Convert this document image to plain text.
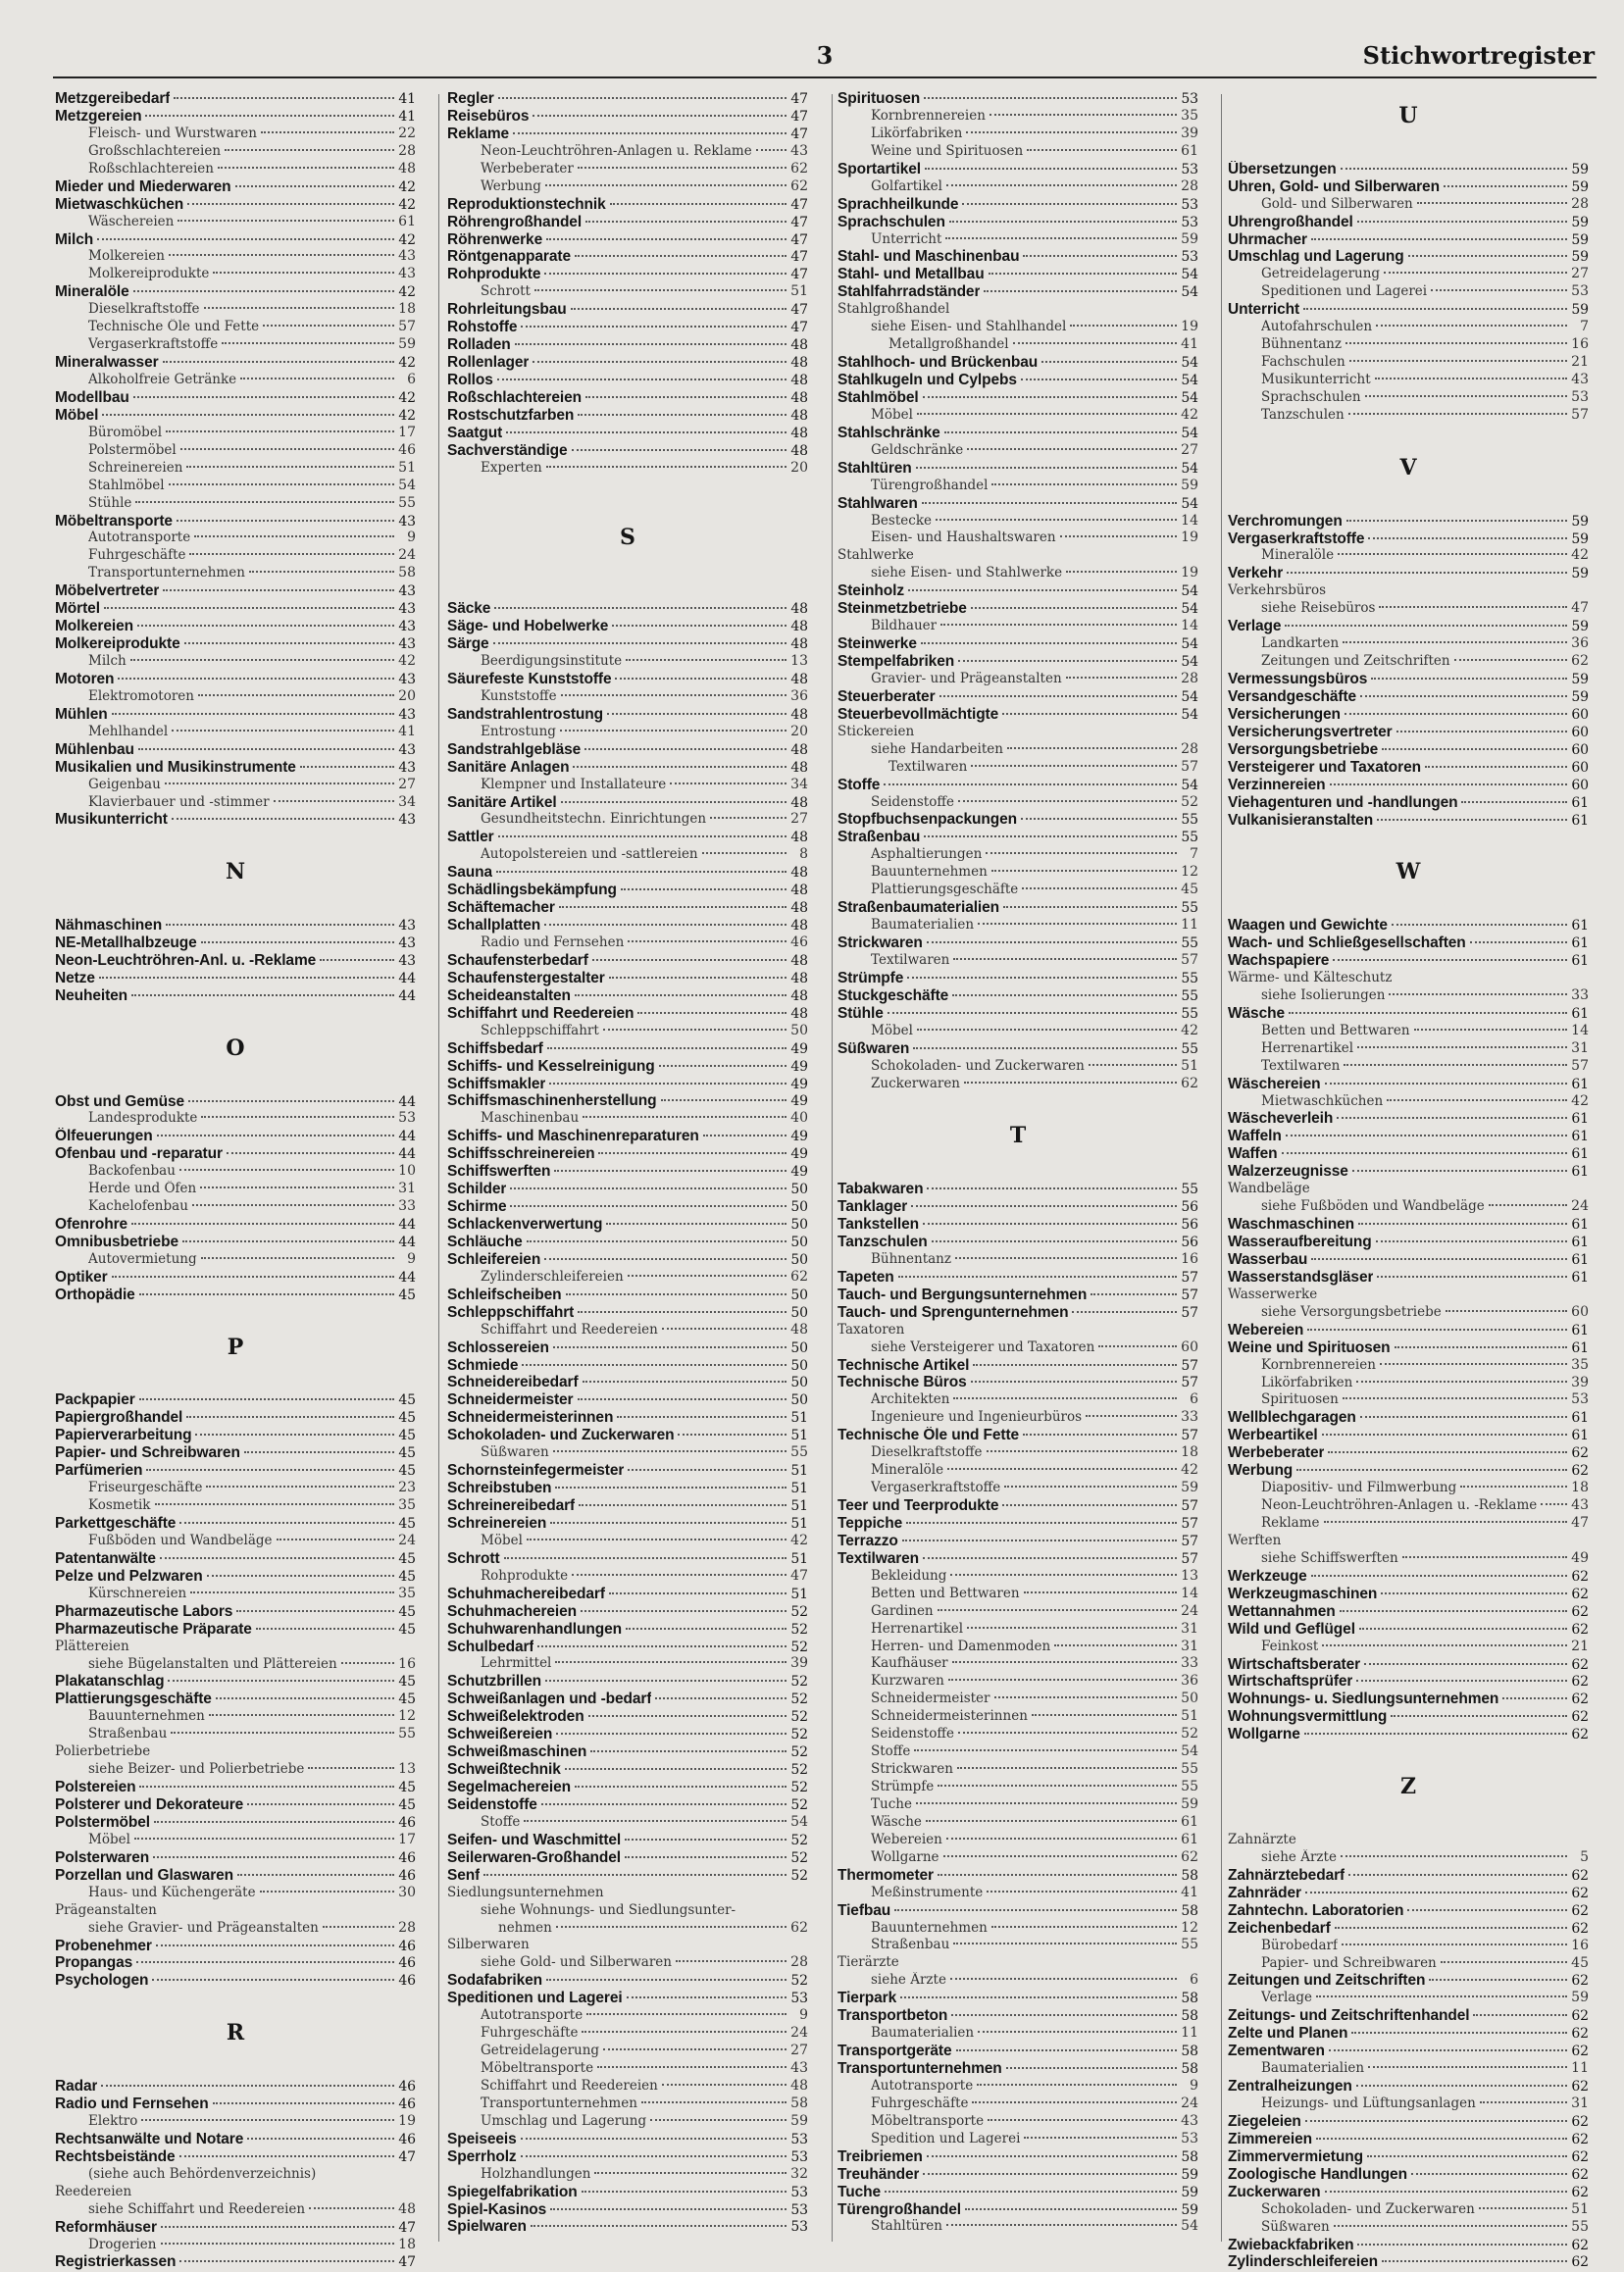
3	Stichwortregister
Metzgereibedarf	41
Metzgereien	41
Fleisch- und Wurstwaren	22
Großschlachtereien	28
Roßschlachtereien	48
Mieder und Miederwaren	42
Mietwaschküchen	42
Wäschereien	61
Milch	42
Molkereien	43
Molkereiprodukte	43
Mineralöle	42
Dieselkraftstoffe	18
Technische Öle und Fette	57
Vergaserkraftstoffe	59
Mineralwasser	42
Alkoholfreie Getränke	6
Modellbau	42
Möbel	42
Büromöbel	17
Polstermöbel	46
Schreinereien	51
Stahlmöbel	54
Stühle	55
Möbeltransporte	43
Autotransporte	9
Fuhrgeschäfte	24
Transportunternehmen	58
Möbelvertreter	43
Mörtel	43
Molkereien	43
Molkereiprodukte	43
Milch	42
Motoren	43
Elektromotoren	20
Mühlen	43
Mehlhandel	41
Mühlenbau	43
Musikalien und Musikinstrumente	43
Geigenbau	27
Klavierbauer und -stimmer	34
Musikunterricht	43
N
Nähmaschinen	43
NE-Metallhalbzeuge	43
Neon-Leuchtröhren-Anl. u. -Reklame	43
Netze	44
Neuheiten	44
O
Obst und Gemüse	44
Landesprodukte	53
Ölfeuerungen	44
Ofenbau und -reparatur	44
Backofenbau	10
Herde und Öfen	31
Kachelofenbau	33
Ofenrohre	44
Omnibusbetriebe	44
Autovermietung	9
Optiker	44
Orthopädie	45
P
Packpapier	45
Papiergroßhandel	45
Papierverarbeitung	45
Papier- und Schreibwaren	45
Parfümerien	45
Friseurgeschäfte	23
Kosmetik	35
Parkettgeschäfte	45
Fußböden und Wandbeläge	24
Patentanwälte	45
Pelze und Pelzwaren	45
Kürschnereien	35
Pharmazeutische Labors	45
Pharmazeutische Präparate	45
Plättereien
siehe Bügelanstalten und Plättereien	16
Plakatanschlag	45
Plattierungsgeschäfte	45
Bauunternehmen	12
Straßenbau	55
Polierbetriebe
siehe Beizer- und Polierbetriebe	13
Polstereien	45
Polsterer und Dekorateure	45
Polstermöbel	46
Möbel	17
Polsterwaren	46
Porzellan und Glaswaren	46
Haus- und Küchengeräte	30
Prägeanstalten
siehe Gravier- und Prägeanstalten	28
Probenehmer	46
Propangas	46
Psychologen	46
R
Radar	46
Radio und Fernsehen	46
Elektro	19
Rechtsanwälte und Notare	46
Rechtsbeistände	47
(siehe auch Behördenverzeichnis)
Reedereien
siehe Schiffahrt und Reedereien	48
Reformhäuser	47
Drogerien	18
Registrierkassen	47
Regler	47
Reisebüros	47
Reklame	47
Neon-Leuchtröhren-Anlagen u. Reklame	43
Werbeberater	62
Werbung	62
Reproduktionstechnik	47
Röhrengroßhandel	47
Röhrenwerke	47
Röntgenapparate	47
Rohprodukte	47
Schrott	51
Rohrleitungsbau	47
Rohstoffe	47
Rolladen	48
Rollenlager	48
Rollos	48
Roßschlachtereien	48
Rostschutzfarben	48
Saatgut	48
Sachverständige	48
Experten	20
S
Säcke	48
Säge- und Hobelwerke	48
Särge	48
Beerdigungsinstitute	13
Säurefeste Kunststoffe	48
Kunststoffe	36
Sandstrahlentrostung	48
Entrostung	20
Sandstrahlgebläse	48
Sanitäre Anlagen	48
Klempner und Installateure	34
Sanitäre Artikel	48
Gesundheitstechn. Einrichtungen	27
Sattler	48
Autopolstereien und -sattlereien	8
Sauna	48
Schädlingsbekämpfung	48
Schäftemacher	48
Schallplatten	48
Radio und Fernsehen	46
Schaufensterbedarf	48
Schaufenstergestalter	48
Scheideanstalten	48
Schiffahrt und Reedereien	48
Schleppschiffahrt	50
Schiffsbedarf	49
Schiffs- und Kesselreinigung	49
Schiffsmakler	49
Schiffsmaschinenherstellung	49
Maschinenbau	40
Schiffs- und Maschinenreparaturen	49
Schiffsschreinereien	49
Schiffswerften	49
Schilder	50
Schirme	50
Schlackenverwertung	50
Schläuche	50
Schleifereien	50
Zylinderschleifereien	62
Schleifscheiben	50
Schleppschiffahrt	50
Schiffahrt und Reedereien	48
Schlossereien	50
Schmiede	50
Schneidereibedarf	50
Schneidermeister	50
Schneidermeisterinnen	51
Schokoladen- und Zuckerwaren	51
Süßwaren	55
Schornsteinfegermeister	51
Schreibstuben	51
Schreinereibedarf	51
Schreinereien	51
Möbel	42
Schrott	51
Rohprodukte	47
Schuhmachereibedarf	51
Schuhmachereien	52
Schuhwarenhandlungen	52
Schulbedarf	52
Lehrmittel	39
Schutzbrillen	52
Schweißanlagen und -bedarf	52
Schweißelektroden	52
Schweißereien	52
Schweißmaschinen	52
Schweißtechnik	52
Segelmachereien	52
Seidenstoffe	52
Stoffe	54
Seifen- und Waschmittel	52
Seilerwaren-Großhandel	52
Senf	52
Siedlungsunternehmen
siehe Wohnungs- und Siedlungsunter-
nehmen	62
Silberwaren
siehe Gold- und Silberwaren	28
Sodafabriken	52
Speditionen und Lagerei	53
Autotransporte	9
Fuhrgeschäfte	24
Getreidelagerung	27
Möbeltransporte	43
Schiffahrt und Reedereien	48
Transportunternehmen	58
Umschlag und Lagerung	59
Speiseeis	53
Sperrholz	53
Holzhandlungen	32
Spiegelfabrikation	53
Spiel-Kasinos	53
Spielwaren	53
Spirituosen	53
Kornbrennereien	35
Likörfabriken	39
Weine und Spirituosen	61
Sportartikel	53
Golfartikel	28
Sprachheilkunde	53
Sprachschulen	53
Unterricht	59
Stahl- und Maschinenbau	53
Stahl- und Metallbau	54
Stahlfahrradständer	54
Stahlgroßhandel
siehe Eisen- und Stahlhandel	19
Metallgroßhandel	41
Stahlhoch- und Brückenbau	54
Stahlkugeln und Cylpebs	54
Stahlmöbel	54
Möbel	42
Stahlschränke	54
Geldschränke	27
Stahltüren	54
Türengroßhandel	59
Stahlwaren	54
Bestecke	14
Eisen- und Haushaltswaren	19
Stahlwerke
siehe Eisen- und Stahlwerke	19
Steinholz	54
Steinmetzbetriebe	54
Bildhauer	14
Steinwerke	54
Stempelfabriken	54
Gravier- und Prägeanstalten	28
Steuerberater	54
Steuerbevollmächtigte	54
Stickereien
siehe Handarbeiten	28
Textilwaren	57
Stoffe	54
Seidenstoffe	52
Stopfbuchsenpackungen	55
Straßenbau	55
Asphaltierungen	7
Bauunternehmen	12
Plattierungsgeschäfte	45
Straßenbaumaterialien	55
Baumaterialien	11
Strickwaren	55
Textilwaren	57
Strümpfe	55
Stuckgeschäfte	55
Stühle	55
Möbel	42
Süßwaren	55
Schokoladen- und Zuckerwaren	51
Zuckerwaren	62
T
Tabakwaren	55
Tanklager	56
Tankstellen	56
Tanzschulen	56
Bühnentanz	16
Tapeten	57
Tauch- und Bergungsunternehmen	57
Tauch- und Sprengunternehmen	57
Taxatoren
siehe Versteigerer und Taxatoren	60
Technische Artikel	57
Technische Büros	57
Architekten	6
Ingenieure und Ingenieurbüros	33
Technische Öle und Fette	57
Dieselkraftstoffe	18
Mineralöle	42
Vergaserkraftstoffe	59
Teer und Teerprodukte	57
Teppiche	57
Terrazzo	57
Textilwaren	57
Bekleidung	13
Betten und Bettwaren	14
Gardinen	24
Herrenartikel	31
Herren- und Damenmoden	31
Kaufhäuser	33
Kurzwaren	36
Schneidermeister	50
Schneidermeisterinnen	51
Seidenstoffe	52
Stoffe	54
Strickwaren	55
Strümpfe	55
Tuche	59
Wäsche	61
Webereien	61
Wollgarne	62
Thermometer	58
Meßinstrumente	41
Tiefbau	58
Bauunternehmen	12
Straßenbau	55
Tierärzte
siehe Ärzte	6
Tierpark	58
Transportbeton	58
Baumaterialien	11
Transportgeräte	58
Transportunternehmen	58
Autotransporte	9
Fuhrgeschäfte	24
Möbeltransporte	43
Spedition und Lagerei	53
Treibriemen	58
Treuhänder	59
Tuche	59
Türengroßhandel	59
Stahltüren	54
U
Übersetzungen	59
Uhren, Gold- und Silberwaren	59
Gold- und Silberwaren	28
Uhrengroßhandel	59
Uhrmacher	59
Umschlag und Lagerung	59
Getreidelagerung	27
Speditionen und Lagerei	53
Unterricht	59
Autofahrschulen	7
Bühnentanz	16
Fachschulen	21
Musikunterricht	43
Sprachschulen	53
Tanzschulen	57
V
Verchromungen	59
Vergaserkraftstoffe	59
Mineralöle	42
Verkehr	59
Verkehrsbüros
siehe Reisebüros	47
Verlage	59
Landkarten	36
Zeitungen und Zeitschriften	62
Vermessungsbüros	59
Versandgeschäfte	59
Versicherungen	60
Versicherungsvertreter	60
Versorgungsbetriebe	60
Versteigerer und Taxatoren	60
Verzinnereien	60
Viehagenturen und -handlungen	61
Vulkanisieranstalten	61
W
Waagen und Gewichte	61
Wach- und Schließgesellschaften	61
Wachspapiere	61
Wärme- und Kälteschutz
siehe Isolierungen	33
Wäsche	61
Betten und Bettwaren	14
Herrenartikel	31
Textilwaren	57
Wäschereien	61
Mietwaschküchen	42
Wäscheverleih	61
Waffeln	61
Waffen	61
Walzerzeugnisse	61
Wandbeläge
siehe Fußböden und Wandbeläge	24
Waschmaschinen	61
Wasseraufbereitung	61
Wasserbau	61
Wasserstandsgläser	61
Wasserwerke
siehe Versorgungsbetriebe	60
Webereien	61
Weine und Spirituosen	61
Kornbrennereien	35
Likörfabriken	39
Spirituosen	53
Wellblechgaragen	61
Werbeartikel	61
Werbeberater	62
Werbung	62
Diapositiv- und Filmwerbung	18
Neon-Leuchtröhren-Anlagen u. -Reklame 43
Reklame	47
Werften
siehe Schiffswerften	49
Werkzeuge	62
Werkzeugmaschinen	62
Wettannahmen	62
Wild und Geflügel	62
Feinkost	21
Wirtschaftsberater	62
Wirtschaftsprüfer	62
Wohnungs- u. Siedlungsunternehmen	62
Wohnungsvermittlung	62
Wollgarne	62
Z
Zahnärzte
siehe Ärzte	5
Zahnärztebedarf	62
Zahnräder	62
Zahntechn. Laboratorien	62
Zeichenbedarf	62
Bürobedarf	16
Papier- und Schreibwaren	45
Zeitungen und Zeitschriften	62
Verlage	59
Zeitungs- und Zeitschriftenhandel	62
Zelte und Planen	62
Zementwaren	62
Baumaterialien	11
Zentralheizungen	62
Heizungs- und Lüftungsanlagen	31
Ziegeleien	62
Zimmereien	62
Zimmervermietung	62
Zoologische Handlungen	62
Zuckerwaren	62
Schokoladen- und Zuckerwaren	51
Süßwaren	55
Zwiebackfabriken	62
Zylinderschleifereien	62
